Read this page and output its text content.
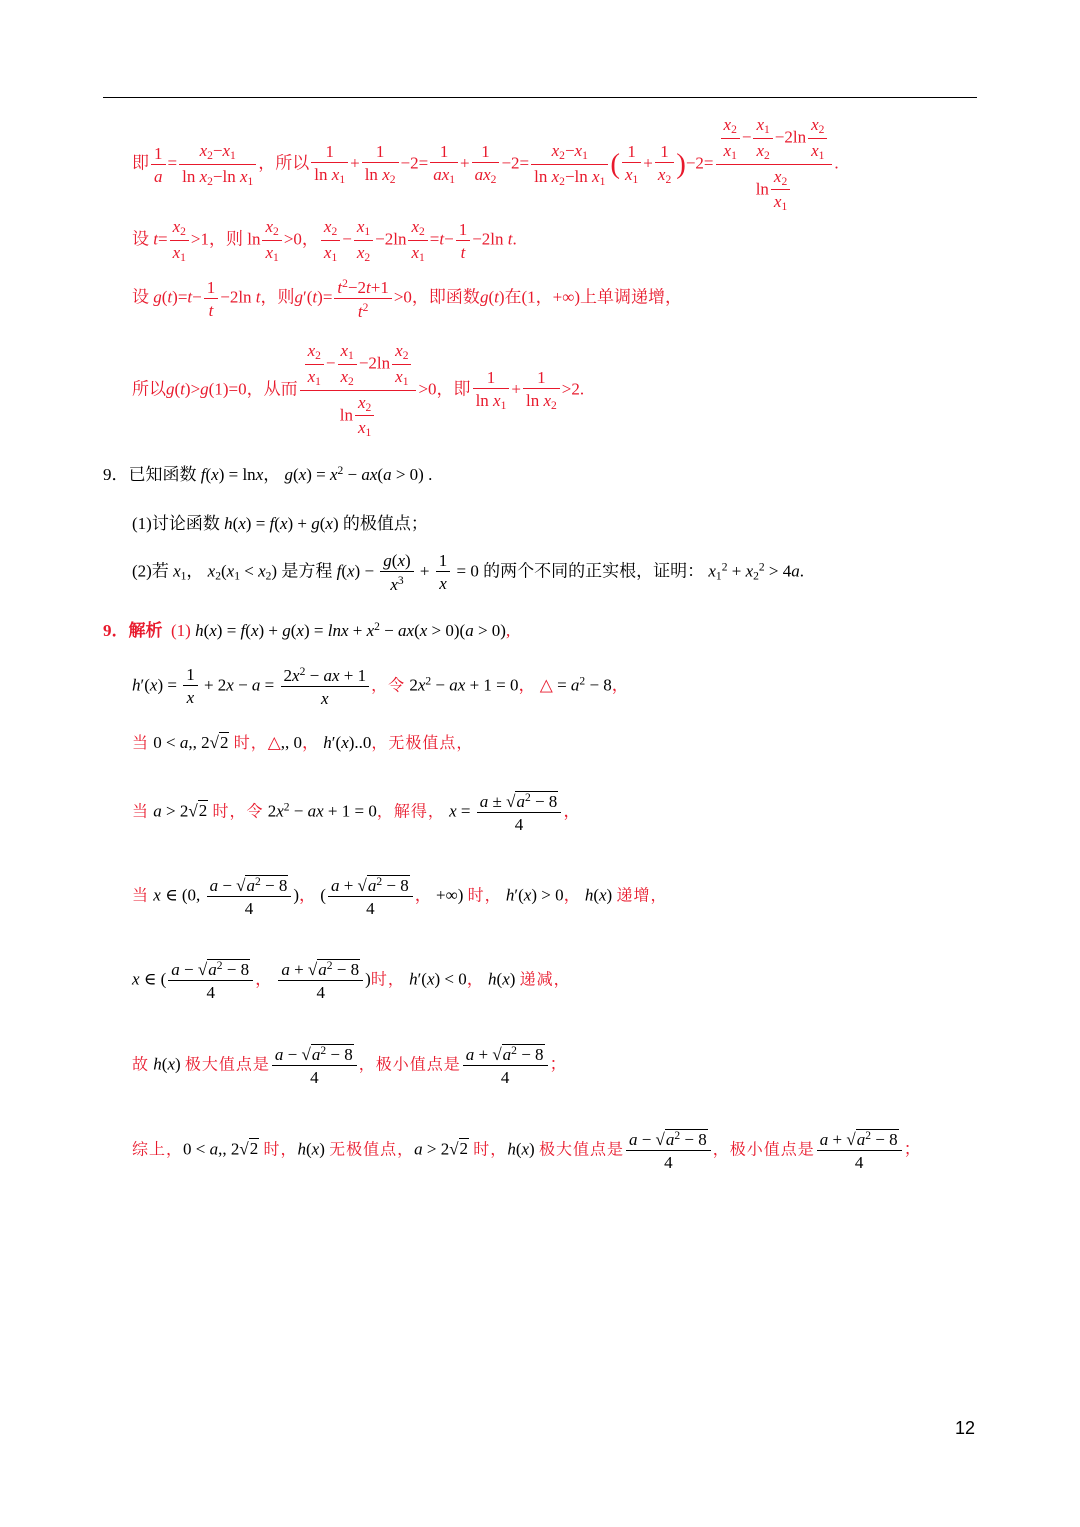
即 $\frac{1}{a} = \frac{x_2-x_1}{\ln x_2-\ln x_1}$ ，所以 $\frac{1}{\ln x_1} + \frac{1}{\ln x_2} -2= \frac{1}{ax_1} + \frac{1}{ax_2} -2= \frac{x_2-x_1}{\ln x_2-\ln x_1}$ ( $\frac{1}{x_1} + \frac{1}{x_2} )-2= \frac{\frac{x_2}{x_1} - \frac{x_1}{x_2} -2\ln \frac{x_2}{x_1}}{\ln \frac{x_2}{x_1}}$ .
设 $t= \frac{x_2}{x_1} >1$，则 $\ln \frac{x_2}{x_1} >0$， $\frac{x_2}{x_1} - \frac{x_1}{x_2} -2\ln \frac{x_2}{x_1} =t- \frac{1}{t} -2\ln$ t.
设 $g(t)=t- \frac{1}{t} -2\ln$ t，则$g'(t)= \frac{t^2-2t+1}{t^2} >0$，即函数g(t)在(1，+∞)上单调递增，
所以g(t)>g(1)=0，从而 $\frac{\frac{x_2}{x_1} - \frac{x_1}{x_2} -2\ln \frac{x_2}{x_1}}{\ln \frac{x_2}{x_1}} >0$，即 $\frac{1}{\ln x_1} + \frac{1}{\ln x_2} >2$.
9．已知函数 f(x) = lnx， $g(x) = x^2 - ax(a > 0)$ .
(1)讨论函数 h(x) = f(x) + g(x) 的极值点；
(2)若 $x_1$， $x_2(x_1 < x_2)$ 是方程 $f(x) - \frac{g(x)}{x^3} + \frac{1}{x} = 0$ 的两个不同的正实根，证明： $x_1^2 + x_2^2 > 4a$.
9．解析 (1) $h(x) = f(x) + g(x) = \ln x + x^2 - ax(x > 0)(a > 0)$,
$h'(x) = \frac{1}{x} + 2x - a = \frac{2x^2 - ax + 1}{x}$ ，令 $2x^2$ − ax + 1 = 0， △ = $a^2 - 8$，
当 0 < a,, 2√2 时，△,, 0， h′(x)..0，无极值点，
当 a > 2√2 时，令 $2x^2$ − ax + 1 = 0，解得， $x = \frac{a \pm √a^2 - 8}{4}$ ，
当 x ∈ (0, $\frac{a - √a^2 - 8}{4}$ )， ( $\frac{a + √a^2 - 8}{4}$ ， +∞) 时， h′(x) > 0， h(x) 递增，
x ∈ ( $\frac{a - √a^2 - 8}{4}$ ， $\frac{a + √a^2 - 8}{4}$ )时， h′(x) < 0， h(x) 递减，
故 h(x) 极大值点是 $\frac{a - √a^2 - 8}{4}$ ，极小值点是 $\frac{a + √a^2 - 8}{4}$ ；
综上，0 < a,, 2√2 时，h(x) 无极值点，a > 2√2 时，h(x) 极大值点是 $\frac{a - √a^2 - 8}{4}$ ，极小值点是 $\frac{a + √a^2 - 8}{4}$ ；
12
